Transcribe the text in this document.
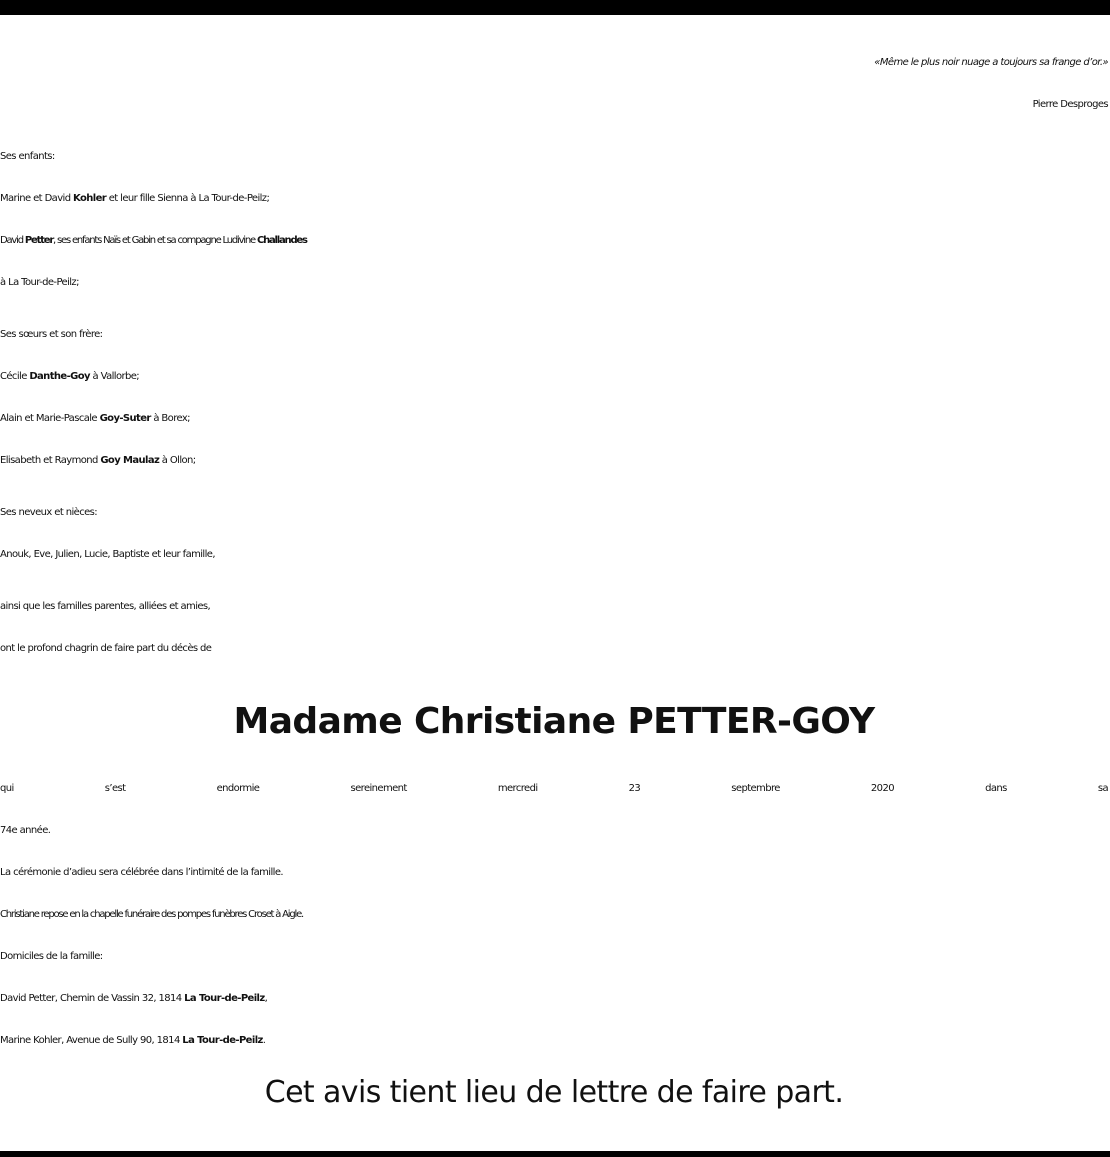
«Même le plus noir nuage a toujours sa frange d’or.»
Pierre Desproges
Ses enfants:
Marine et David Kohler et leur fille Sienna à La Tour-de-Peilz;
David Petter, ses enfants Naïs et Gabin et sa compagne Ludivine Challandes
à La Tour-de-Peilz;
Ses sœurs et son frère:
Cécile Danthe-Goy à Vallorbe;
Alain et Marie-Pascale Goy-Suter à Borex;
Elisabeth et Raymond Goy Maulaz à Ollon;
Ses neveux et nièces:
Anouk, Eve, Julien, Lucie, Baptiste et leur famille,
ainsi que les familles parentes, alliées et amies,
ont le profond chagrin de faire part du décès de
Madame Christiane PETTER-GOY
qui s’est endormie sereinement mercredi 23 septembre 2020 dans sa
74e année.
La cérémonie d’adieu sera célébrée dans l’intimité de la famille.
Christiane repose en la chapelle funéraire des pompes funèbres Croset à Aigle.
Domiciles de la famille:
David Petter, Chemin de Vassin 32, 1814 La Tour-de-Peilz,
Marine Kohler, Avenue de Sully 90, 1814 La Tour-de-Peilz.
Cet avis tient lieu de lettre de faire part.
